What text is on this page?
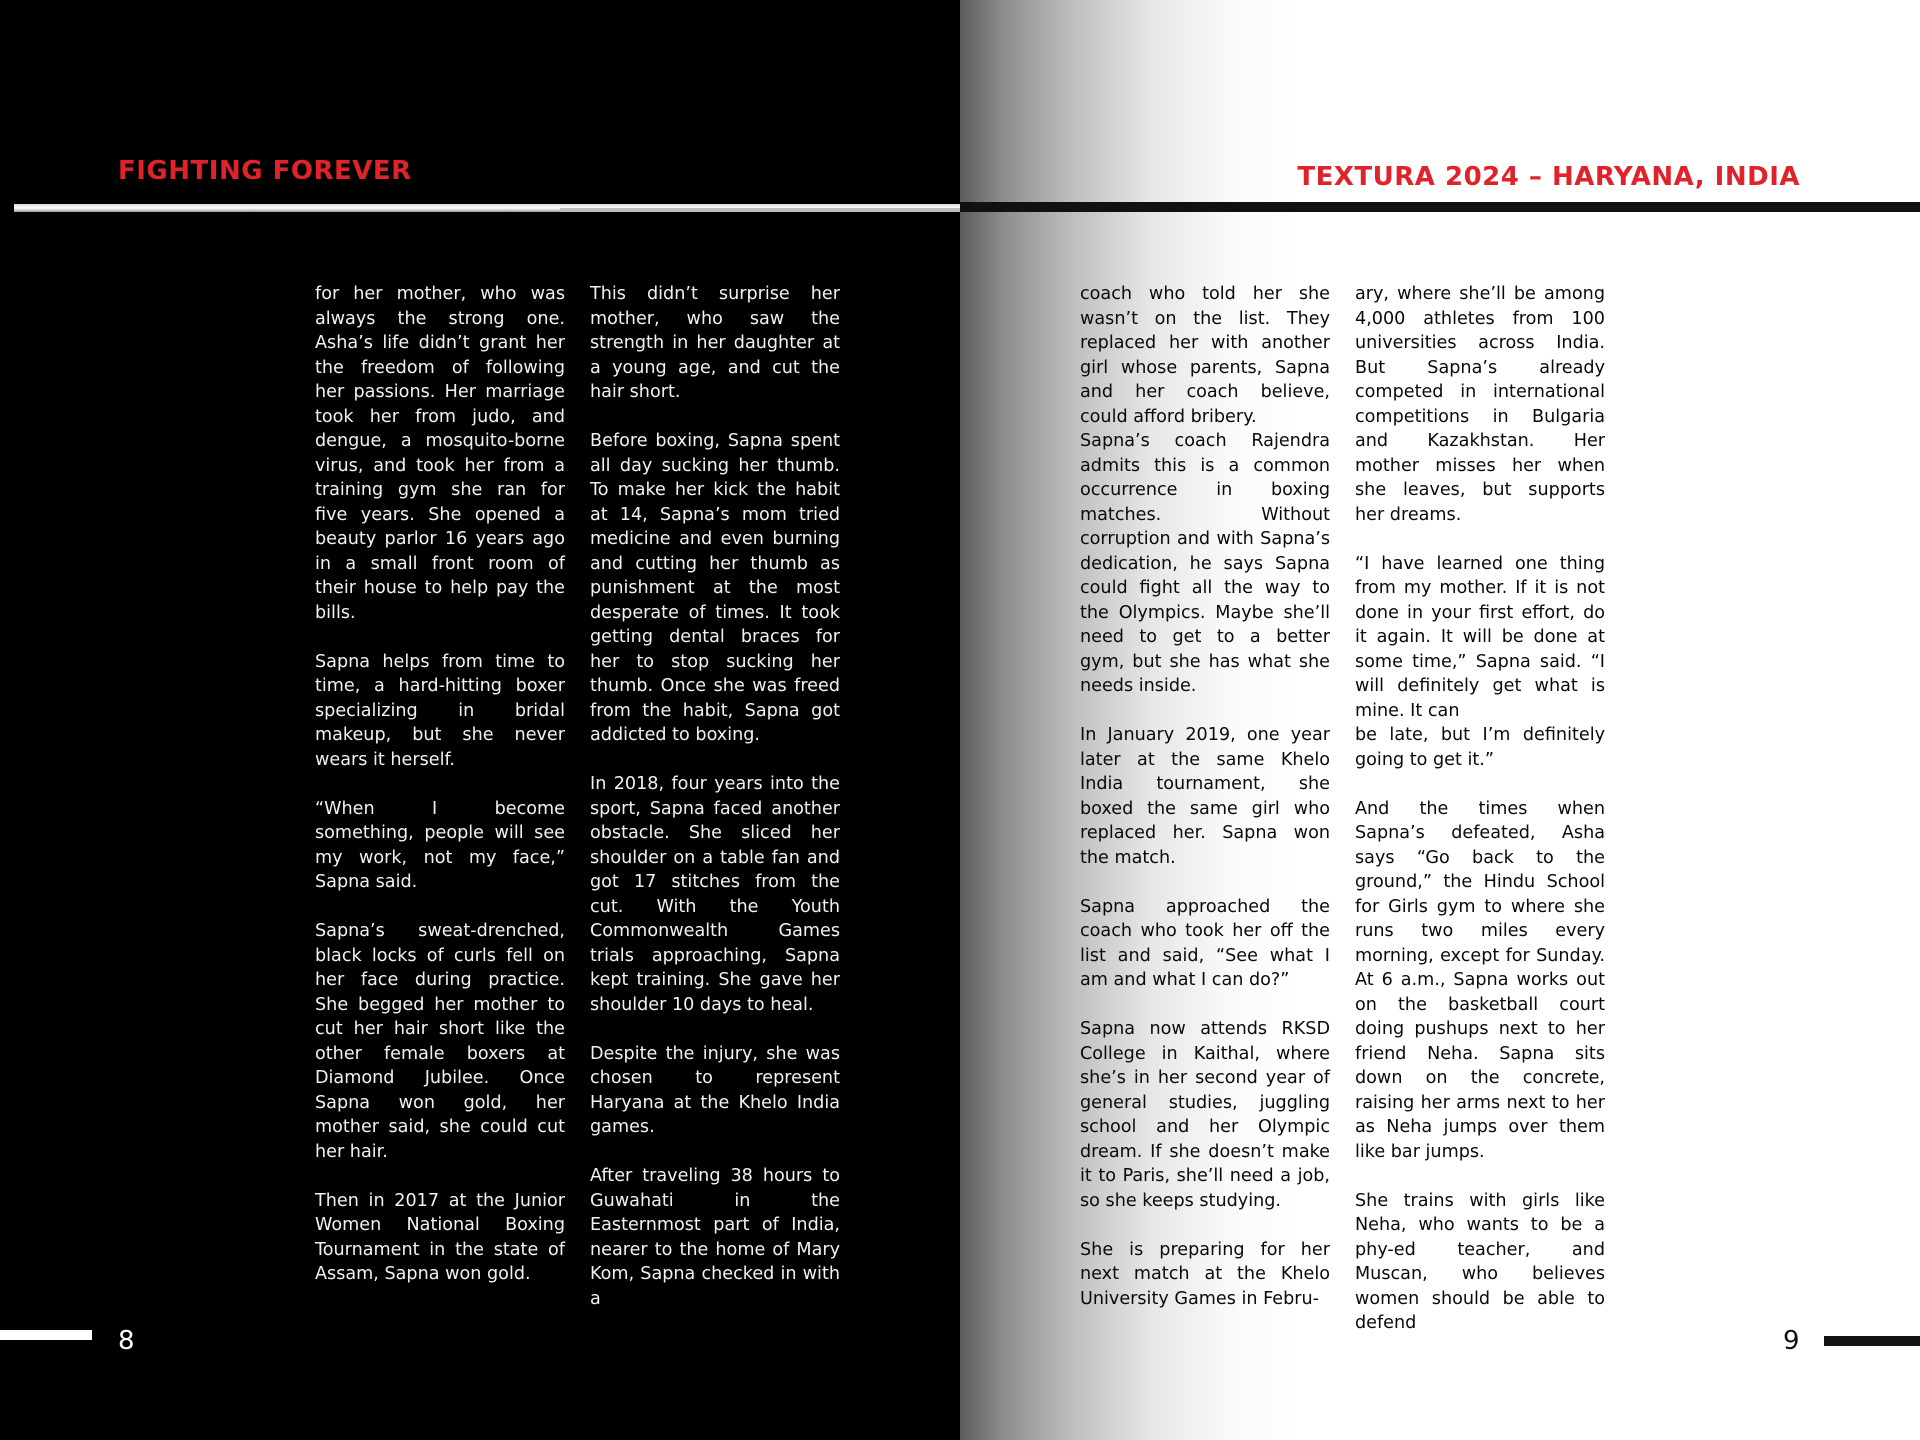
FIGHTING FOREVER

for her mother, who was always the strong one. Asha’s life didn’t grant her the freedom of following her passions. Her marriage took her from judo, and dengue, a mosquito-borne virus, and took her from a training gym she ran for five years. She opened a beauty parlor 16 years ago in a small front room of their house to help pay the bills.

Sapna helps from time to time, a hard-hitting boxer specializing in bridal makeup, but she never wears it herself.

“When I become something, people will see my work, not my face,” Sapna said.

Sapna’s sweat-drenched, black locks of curls fell on her face during practice. She begged her mother to cut her hair short like the other female boxers at Diamond Jubilee. Once Sapna won gold, her mother said, she could cut her hair.

Then in 2017 at the Junior Women National Boxing Tournament in the state of Assam, Sapna won gold.

This didn’t surprise her mother, who saw the strength in her daughter at a young age, and cut the hair short.

Before boxing, Sapna spent all day sucking her thumb. To make her kick the habit at 14, Sapna’s mom tried medicine and even burning and cutting her thumb as punishment at the most desperate of times. It took getting dental braces for her to stop sucking her thumb. Once she was freed from the habit, Sapna got addicted to boxing.

In 2018, four years into the sport, Sapna faced another obstacle. She sliced her shoulder on a table fan and got 17 stitches from the cut. With the Youth Commonwealth Games trials approaching, Sapna kept training. She gave her shoulder 10 days to heal.

Despite the injury, she was chosen to represent Haryana at the Khelo India games.

After traveling 38 hours to Guwahati in the Easternmost part of India, nearer to the home of Mary Kom, Sapna checked in with a

8

TEXTURA 2024 – HARYANA, INDIA

coach who told her she wasn’t on the list. They replaced her with another girl whose parents, Sapna and her coach believe, could afford bribery.
Sapna’s coach Rajendra admits this is a common occurrence in boxing matches. Without corruption and with Sapna’s dedication, he says Sapna could fight all the way to the Olympics. Maybe she’ll need to get to a better gym, but she has what she needs inside.

In January 2019, one year later at the same Khelo India tournament, she boxed the same girl who replaced her. Sapna won the match.

Sapna approached the coach who took her off the list and said, “See what I am and what I can do?”

Sapna now attends RKSD College in Kaithal, where she’s in her second year of general studies, juggling school and her Olympic dream. If she doesn’t make it to Paris, she’ll need a job, so she keeps studying.

She is preparing for her next match at the Khelo University Games in Febru-

ary, where she’ll be among 4,000 athletes from 100 universities across India. But Sapna’s already competed in international competitions in Bulgaria and Kazakhstan. Her mother misses her when she leaves, but supports her dreams.

“I have learned one thing from my mother. If it is not done in your first effort, do it again. It will be done at some time,” Sapna said. “I will definitely get what is mine. It can
be late, but I’m definitely going to get it.”

And the times when Sapna’s defeated, Asha says “Go back to the ground,” the Hindu School for Girls gym to where she runs two miles every morning, except for Sunday. At 6 a.m., Sapna works out on the basketball court doing pushups next to her friend Neha. Sapna sits down on the concrete, raising her arms next to her as Neha jumps over them like bar jumps.

She trains with girls like Neha, who wants to be a phy-ed teacher, and Muscan, who believes women should be able to defend

9
